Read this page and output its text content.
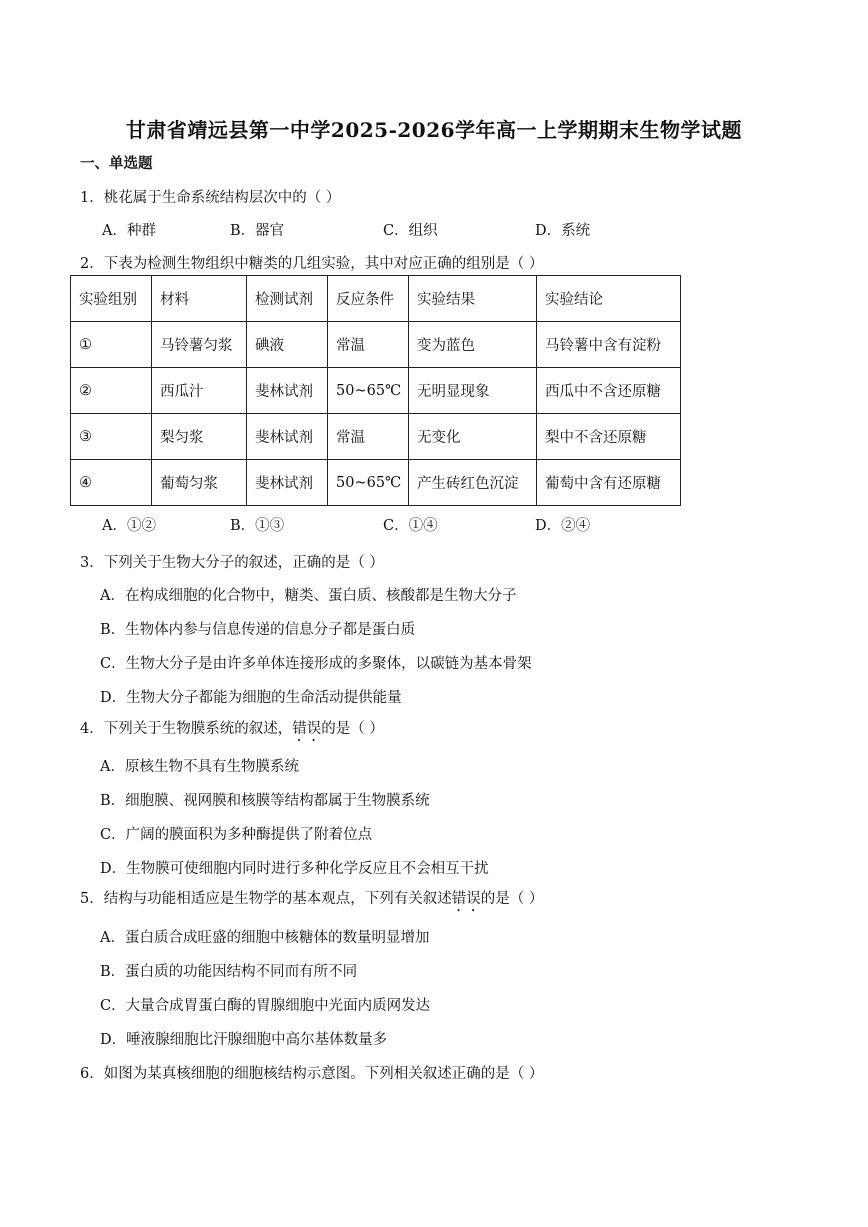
甘肃省靖远县第一中学2025-2026学年高一上学期期末生物学试题
一、单选题
1．桃花属于生命系统结构层次中的（ ）
A．种群	B．器官	C．组织	D．系统
2．下表为检测生物组织中糖类的几组实验，其中对应正确的组别是（ ）
实验组别	材料	检测试剂	反应条件	实验结果	实验结论
①	马铃薯匀浆	碘液	常温	变为蓝色	马铃薯中含有淀粉
②	西瓜汁	斐林试剂	50~65℃	无明显现象	西瓜中不含还原糖
③	梨匀浆	斐林试剂	常温	无变化	梨中不含还原糖
④	葡萄匀浆	斐林试剂	50~65℃	产生砖红色沉淀	葡萄中含有还原糖
A．①②	B．①③	C．①④	D．②④
3．下列关于生物大分子的叙述，正确的是（ ）
A．在构成细胞的化合物中，糖类、蛋白质、核酸都是生物大分子
B．生物体内参与信息传递的信息分子都是蛋白质
C．生物大分子是由许多单体连接形成的多聚体，以碳链为基本骨架
D．生物大分子都能为细胞的生命活动提供能量
4．下列关于生物膜系统的叙述，错误的是（ ）
A．原核生物不具有生物膜系统
B．细胞膜、视网膜和核膜等结构都属于生物膜系统
C．广阔的膜面积为多种酶提供了附着位点
D．生物膜可使细胞内同时进行多种化学反应且不会相互干扰
5．结构与功能相适应是生物学的基本观点，下列有关叙述错误的是（ ）
A．蛋白质合成旺盛的细胞中核糖体的数量明显增加
B．蛋白质的功能因结构不同而有所不同
C．大量合成胃蛋白酶的胃腺细胞中光面内质网发达
D．唾液腺细胞比汗腺细胞中高尔基体数量多
6．如图为某真核细胞的细胞核结构示意图。下列相关叙述正确的是（ ）
